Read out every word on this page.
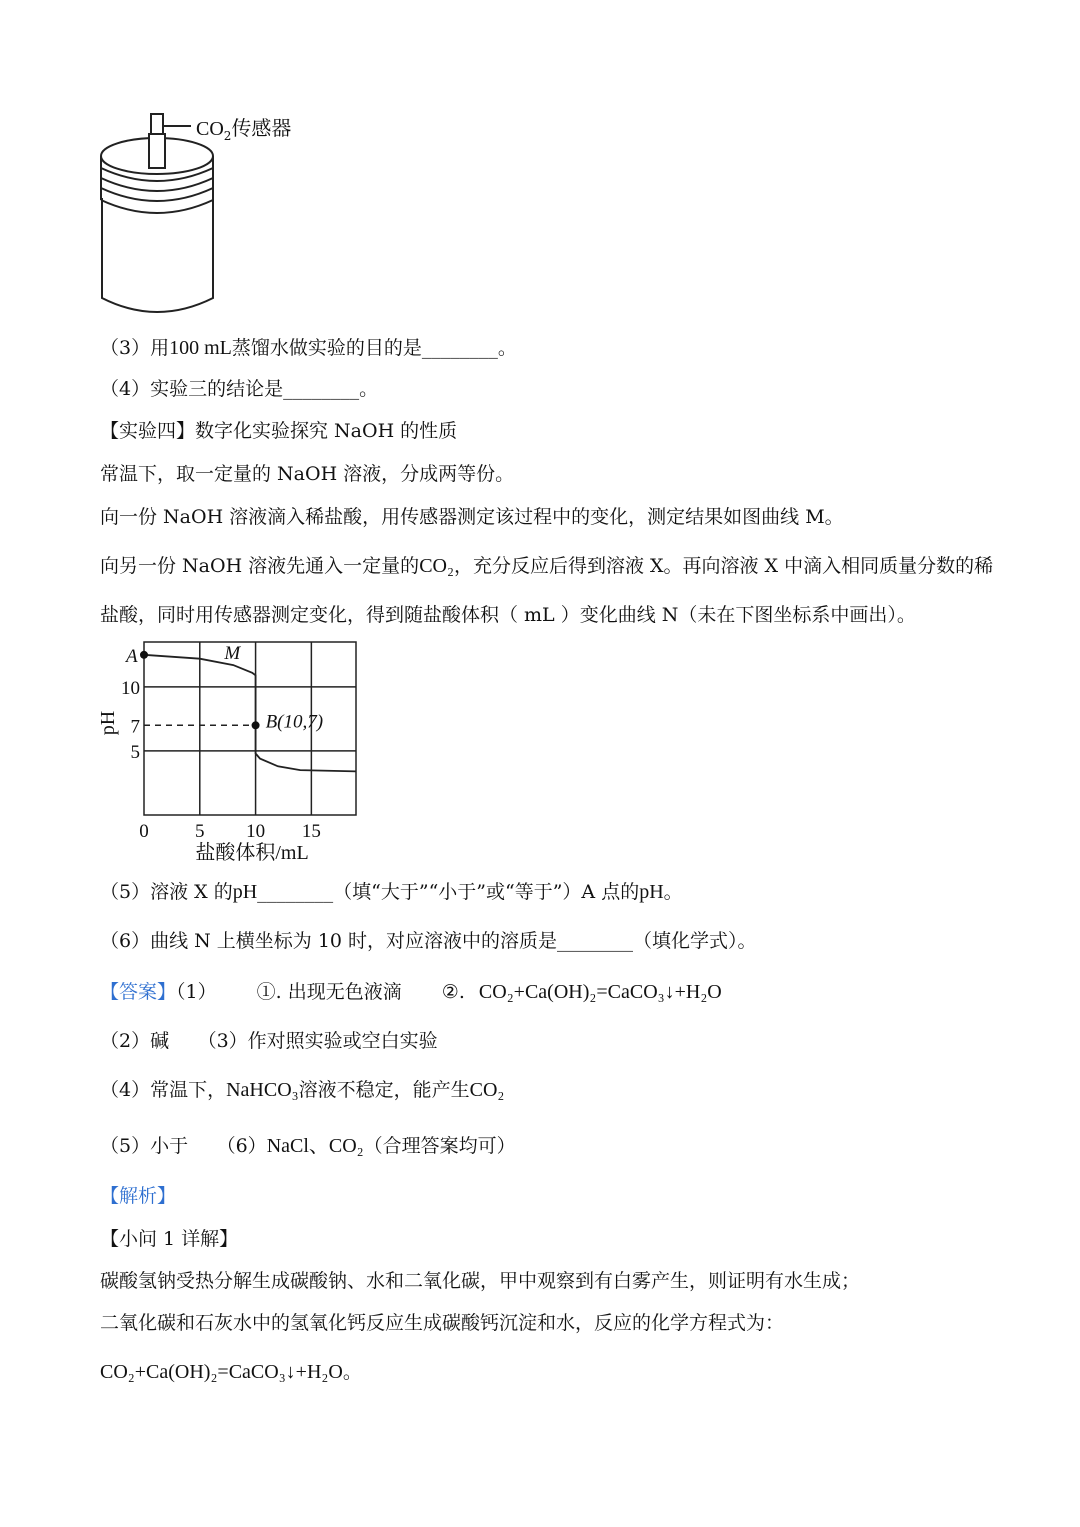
$CO_2$传感器
（3）用100 mL蒸馏水做实验的目的是________。
（4）实验三的结论是________。
【实验四】数字化实验探究 NaOH 的性质
常温下，取一定量的 NaOH 溶液，分成两等份。
向一份 NaOH 溶液滴入稀盐酸，用传感器测定该过程中的变化，测定结果如图曲线 M。
向另一份 NaOH 溶液先通入一定量的CO₂，充分反应后得到溶液 X。再向溶液 X 中滴入相同质量分数的稀
盐酸，同时用传感器测定变化，得到随盐酸体积（ mL ）变化曲线 N（未在下图坐标系中画出）。
0 5 10 15
10
7
5
A	M
B(10,7)
盐酸体积/mL
pH
（5）溶液 X 的pH________（填“大于”“小于”或“等于”）A 点的pH。
（6）曲线 N 上横坐标为 10 时，对应溶液中的溶质是________（填化学式）。
【答案】（1） ①. 出现无色液滴 ②. CO₂+Ca(OH)₂=CaCO₃↓+H₂O
（2）碱　　（3）作对照实验或空白实验
（4）常温下，NaHCO₃溶液不稳定，能产生CO₂
（5）小于　　（6）NaCl、CO₂（合理答案均可）
【解析】
【小问 1 详解】
碳酸氢钠受热分解生成碳酸钠、水和二氧化碳，甲中观察到有白雾产生，则证明有水生成；
二氧化碳和石灰水中的氢氧化钙反应生成碳酸钙沉淀和水，反应的化学方程式为：
CO₂+Ca(OH)₂=CaCO₃↓+H₂O。
